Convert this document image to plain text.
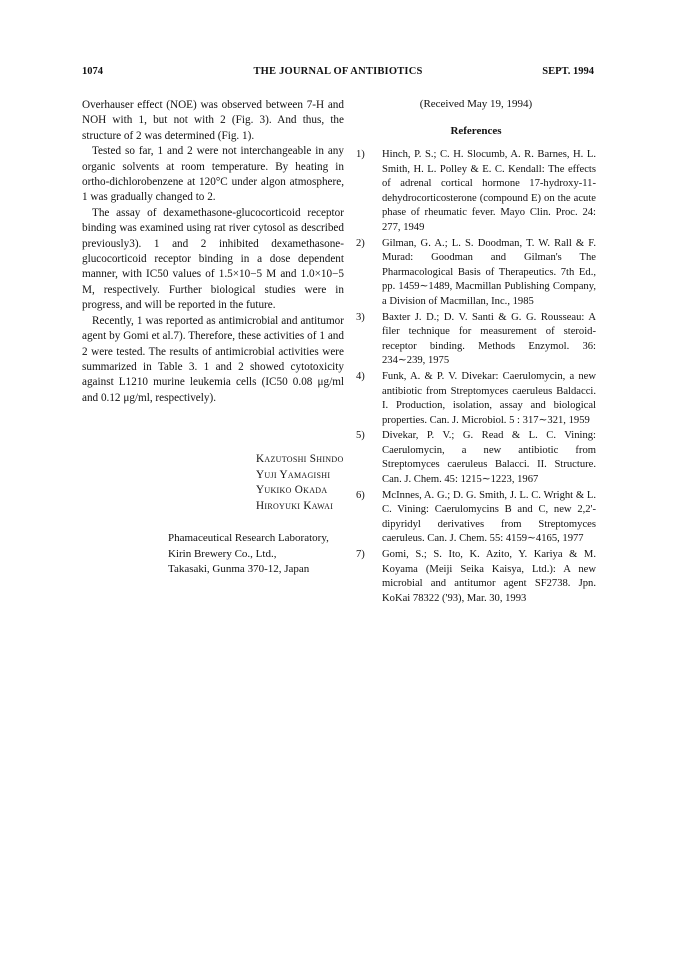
1074	THE JOURNAL OF ANTIBIOTICS	SEPT. 1994

Overhauser effect (NOE) was observed between 7-H and NOH with 1, but not with 2 (Fig. 3). And thus, the structure of 2 was determined (Fig. 1).

Tested so far, 1 and 2 were not interchangeable in any organic solvents at room temperature. By heating in ortho-dichlorobenzene at 120°C under algon atmosphere, 1 was gradually changed to 2.

The assay of dexamethasone-glucocorticoid receptor binding was examined using rat river cytosol as described previously3). 1 and 2 inhibited dexamethasone-glucocorticoid receptor binding in a dose dependent manner, with IC50 values of 1.5×10−5 M and 1.0×10−5 M, respectively. Further biological studies were in progress, and will be reported in the future.

Recently, 1 was reported as antimicrobial and antitumor agent by Gomi et al.7). Therefore, these activities of 1 and 2 were tested. The results of antimicrobial activities were summarized in Table 3. 1 and 2 showed cytotoxicity against L1210 murine leukemia cells (IC50 0.08 μg/ml and 0.12 μg/ml, respectively).

Kazutoshi Shindo
Yuji Yamagishi
Yukiko Okada
Hiroyuki Kawai
Phamaceutical Research Laboratory,
Kirin Brewery Co., Ltd.,
Takasaki, Gunma 370-12, Japan
(Received May 19, 1994)
References
1) Hinch, P. S.; C. H. Slocumb, A. R. Barnes, H. L. Smith, H. L. Polley & E. C. Kendall: The effects of adrenal cortical hormone 17-hydroxy-11-dehydrocorticosterone (compound E) on the acute phase of rheumatic fever. Mayo Clin. Proc. 24: 277, 1949
2) Gilman, G. A.; L. S. Doodman, T. W. Rall & F. Murad: Goodman and Gilman's The Pharmacological Basis of Therapeutics. 7th Ed., pp. 1459∼1489, Macmillan Publishing Company, a Division of Macmillan, Inc., 1985
3) Baxter J. D.; D. V. Santi & G. G. Rousseau: A filer technique for measurement of steroid-receptor binding. Methods Enzymol. 36: 234∼239, 1975
4) Funk, A. & P. V. Divekar: Caerulomycin, a new antibiotic from Streptomyces caeruleus Baldacci. I. Production, isolation, assay and biological properties. Can. J. Microbiol. 5 : 317∼321, 1959
5) Divekar, P. V.; G. Read & L. C. Vining: Caerulomycin, a new antibiotic from Streptomyces caeruleus Balacci. II. Structure. Can. J. Chem. 45: 1215∼1223, 1967
6) McInnes, A. G.; D. G. Smith, J. L. C. Wright & L. C. Vining: Caerulomycins B and C, new 2,2'-dipyridyl derivatives from Streptomyces caeruleus. Can. J. Chem. 55: 4159∼4165, 1977
7) Gomi, S.; S. Ito, K. Azito, Y. Kariya & M. Koyama (Meiji Seika Kaisya, Ltd.): A new microbial and antitumor agent SF2738. Jpn. KoKai 78322 ('93), Mar. 30, 1993
